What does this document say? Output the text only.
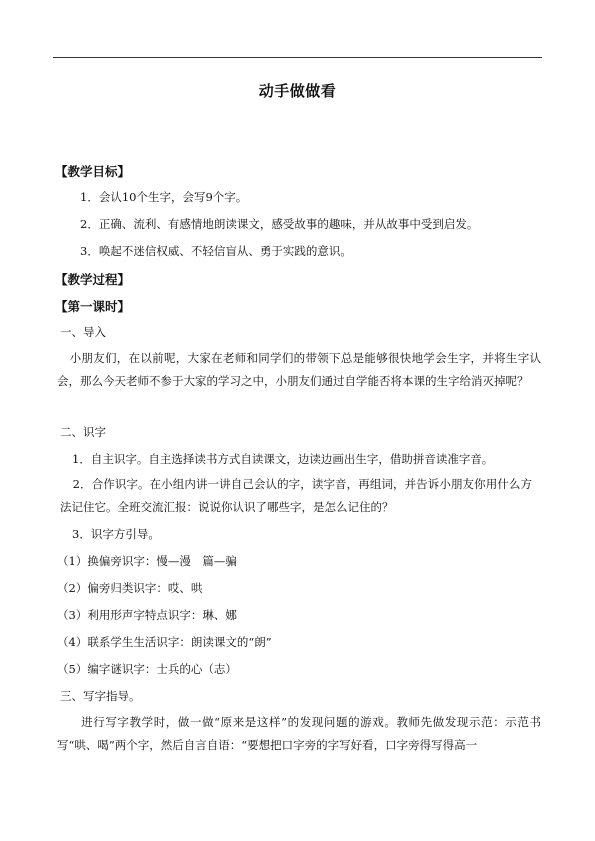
动手做做看
【教学目标】
1．会认10个生字，会写9个字。
2．正确、流利、有感情地朗读课文，感受故事的趣味，并从故事中受到启发。
3．唤起不迷信权威、不轻信盲从、勇于实践的意识。
【教学过程】
【第一课时】
一、导入
小朋友们，在以前呢，大家在老师和同学们的带领下总是能够很快地学会生字，并将生字认会，那么今天老师不参于大家的学习之中，小朋友们通过自学能否将本课的生字给消灭掉呢？
二、识字
1．自主识字。自主选择读书方式自读课文，边读边画出生字，借助拼音读准字音。
2．合作识字。在小组内讲一讲自己会认的字，读字音，再组词，并告诉小朋友你用什么方法记住它。全班交流汇报：说说你认识了哪些字，是怎么记住的？
3．识字方引导。
（1）换偏旁识字：慢—漫　篇—骗
（2）偏旁归类识字：哎、哄
（3）利用形声字特点识字：琳、娜
（4）联系学生生活识字：朗读课文的“朗”
（5）编字谜识字：士兵的心（志）
三、写字指导。
进行写字教学时，做一做“原来是这样”的发现问题的游戏。教师先做发现示范：示范书写“哄、喝”两个字，然后自言自语：“要想把口字旁的字写好看，口字旁得写得高一
